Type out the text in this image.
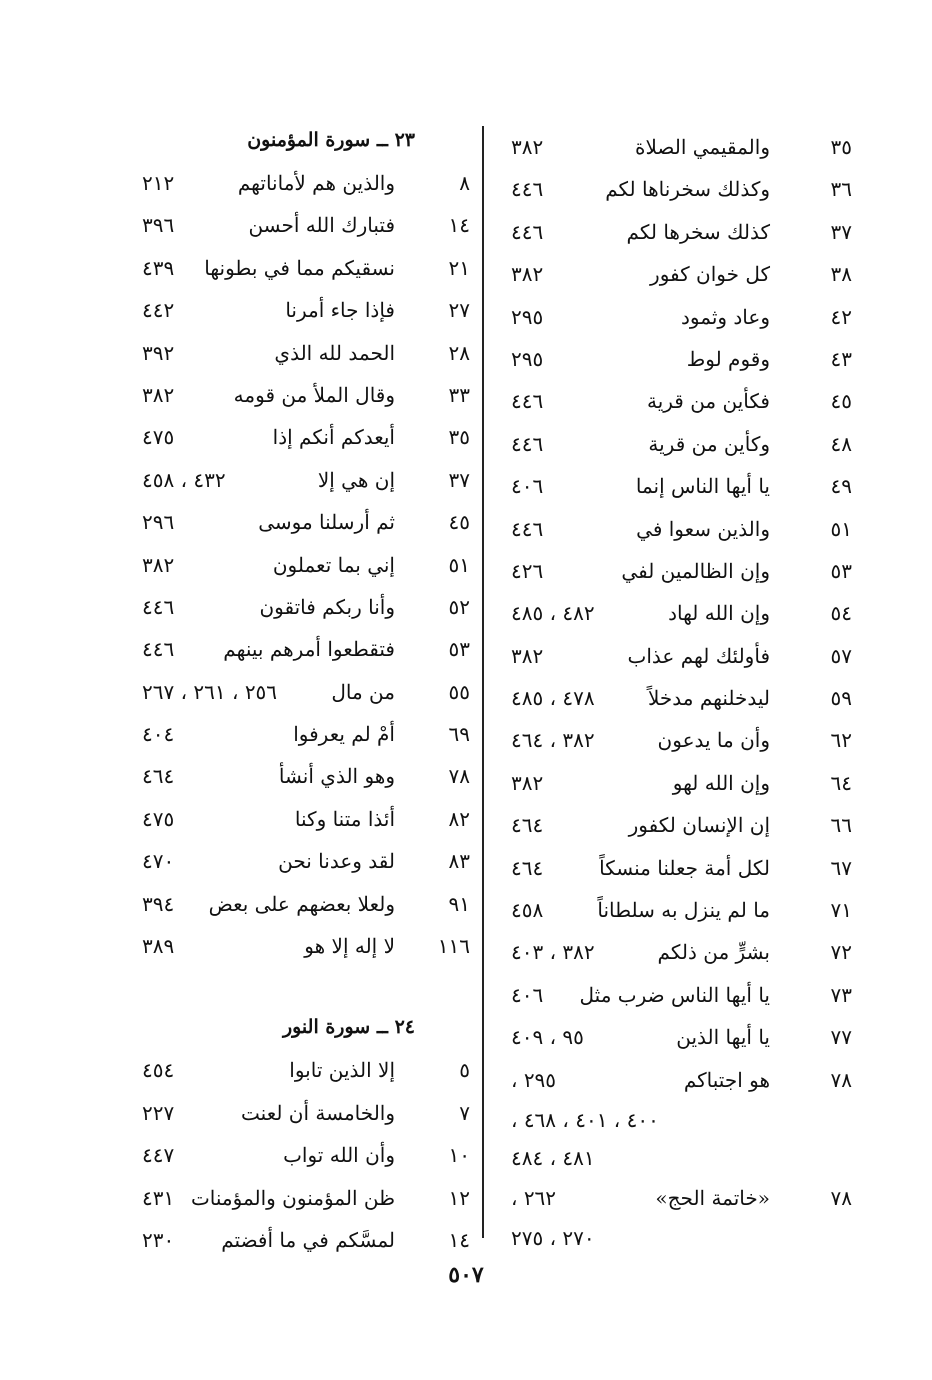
٣٥
والمقيمي الصلاة
٣٨٢
٣٦
وكذلك سخرناها لكم
٤٤٦
٣٧
كذلك سخرها لكم
٤٤٦
٣٨
كل خوان كفور
٣٨٢
٤٢
وعاد وثمود
٢٩٥
٤٣
وقوم لوط
٢٩٥
٤٥
فكأين من قرية
٤٤٦
٤٨
وكأين من قرية
٤٤٦
٤٩
يا أيها الناس إنما
٤٠٦
٥١
والذين سعوا في
٤٤٦
٥٣
وإن الظالمين لفي
٤٢٦
٥٤
وإن الله لهاد
٤٨٢ ، ٤٨٥
٥٧
فأولئك لهم عذاب
٣٨٢
٥٩
ليدخلنهم مدخلاً
٤٧٨ ، ٤٨٥
٦٢
وأن ما يدعون
٣٨٢ ، ٤٦٤
٦٤
وإن الله لهو
٣٨٢
٦٦
إن الإنسان لكفور
٤٦٤
٦٧
لكل أمة جعلنا منسكاً
٤٦٤
٧١
ما لم ينزل به سلطاناً
٤٥٨
٧٢
بشرٍّ من ذلكم
٣٨٢ ، ٤٠٣
٧٣
يا أيها الناس ضرب مثل
٤٠٦
٧٧
يا أيها الذين
٩٥ ، ٤٠٩
٧٨
هو اجتباكم
٢٩٥ ،
٤٠٠ ، ٤٠١ ، ٤٦٨ ،
٤٨١ ، ٤٨٤
٧٨
«خاتمة الحج»
٢٦٢ ،
٢٧٠ ، ٢٧٥
٢٣ ــ سورة المؤمنون
٨
والذين هم لأماناتهم
٢١٢
١٤
فتبارك الله أحسن
٣٩٦
٢١
نسقيكم مما في بطونها
٤٣٩
٢٧
فإذا جاء أمرنا
٤٤٢
٢٨
الحمد لله الذي
٣٩٢
٣٣
وقال الملأ من قومه
٣٨٢
٣٥
أيعدكم أنكم إذا
٤٧٥
٣٧
إن هي إلا
٤٣٢ ، ٤٥٨
٤٥
ثم أرسلنا موسى
٢٩٦
٥١
إني بما تعملون
٣٨٢
٥٢
وأنا ربكم فاتقون
٤٤٦
٥٣
فتقطعوا أمرهم بينهم
٤٤٦
٥٥
من مال
٢٥٦ ، ٢٦١ ، ٢٦٧
٦٩
أمْ لم يعرفوا
٤٠٤
٧٨
وهو الذي أنشأ
٤٦٤
٨٢
أئذا متنا وكنا
٤٧٥
٨٣
لقد وعدنا نحن
٤٧٠
٩١
ولعلا بعضهم على بعض
٣٩٤
١١٦
لا إله إلا هو
٣٨٩
٢٤ ــ سورة النور
٥
إلا الذين تابوا
٤٥٤
٧
والخامسة أن لعنت
٢٢٧
١٠
وأن الله تواب
٤٤٧
١٢
ظن المؤمنون والمؤمنات
٤٣١
١٤
لمسَّكم في ما أفضتم
٢٣٠
٥٠٧
